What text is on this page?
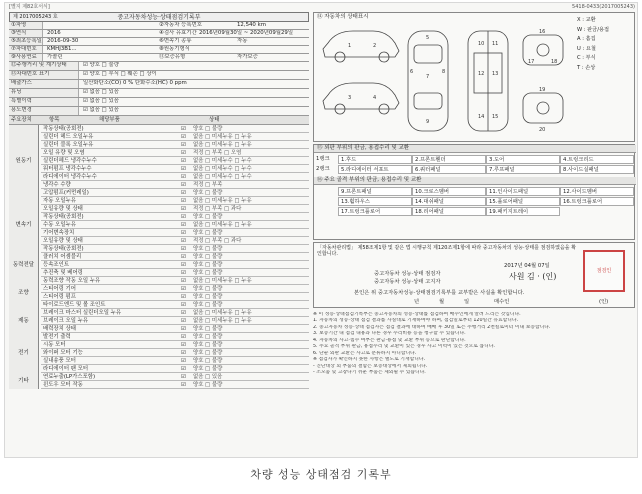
[별지 제82호서식]	5418-0433(2017005243)
제 2017005243 호	중고자동차성능·상태점검기록부
①차명	②자동차 등록번호	12,540 km
③연식	2016	④검사 유효기간 2016년09월30일 ~ 2020년09월29일
⑤최초등록일 2016-09-30	⑥변속기 종류	자동
⑦차대번호	KMHJ3B1...	⑧원동기형식
⑨사용연료	가솔린	⑪보증유형	자가보증
⑫주행거리 및 계기상태	☑ 양호 □ 불량
⑬차대번호 표기	☑ 양호 □ 부식 □ 훼손 □ 상이
배출가스	일산화탄소(CO) 0 % 탄화수소(HC) 0 ppm
튜닝	☑ 없음 □ 있음
특별이력	☑ 없음 □ 있음
용도변경	☑ 없음 □ 있음
주요장치	항목	해당부품	상태
원동기
작동상태(공회전)	☑ 양호 □ 불량
실린더 헤드 오일누유	☑ 없음 □ 미세누유 □ 누유
실린더 블록 오일누유	☑ 없음 □ 미세누유 □ 누유
오일 유량 및 오염	☑ 적정 □ 부족 □ 오염
실린더헤드 냉각수누수	☑ 없음 □ 미세누수 □ 누수
워터펌프 냉각수누수	☑ 없음 □ 미세누수 □ 누수
라디에이터 냉각수누수	☑ 없음 □ 미세누수 □ 누수
냉각수 수량	☑ 적정 □ 부족
고압펌프(커먼레일)	☑ 양호 □ 불량
변속기
자동 오일누유	☑ 없음 □ 미세누유 □ 누유
오일유량 및 상태	☑ 적정 □ 부족 □ 과다
작동상태(공회전)	☑ 양호 □ 불량
수동 오일누유	☑ 없음 □ 미세누유 □ 누유
기어변속장치	☑ 양호 □ 불량
오일유량 및 상태	☑ 적정 □ 부족 □ 과다
작동상태(공회전)	☑ 양호 □ 불량
동력전달
클러치 어셈블리	☑ 양호 □ 불량
등속조인트	☑ 양호 □ 불량
추진축 및 베어링	☑ 양호 □ 불량
조향
동력조향 작동 오일 누유	☑ 없음 □ 미세누유 □ 누유
스티어링 기어	☑ 양호 □ 불량
스티어링 펌프	☑ 양호 □ 불량
타이로드엔드 및 볼 조인트	☑ 양호 □ 불량
제동
브레이크 마스터 실린더오일 누유	☑ 없음 □ 미세누유 □ 누유
브레이크 오일 누유	☑ 없음 □ 미세누유 □ 누유
배력장치 상태	☑ 양호 □ 불량
전기
발전기 출력	☑ 양호 □ 불량
시동 모터	☑ 양호 □ 불량
와이퍼 모터 기능	☑ 양호 □ 불량
실내송풍 모터	☑ 양호 □ 불량
라디에이터 팬 모터	☑ 양호 □ 불량
기타
연료누출(LP가스포함)	☑ 없음 □ 있음
윈도우 모터 작동	☑ 양호 □ 불량
⑭ 자동차의 상태표시
1	2
3	4
5
6
7
8
9
10 11
12 13
14 15
16
17	18
19
20
X : 교환
W : 판금/용접
A : 흠집
U : 요철
C : 부식
T : 손상
⑮ 외판 부위의 판금, 용접수리 및 교환
1랭크	1.후드	2.프론트휀더	3.도어	4.트렁크리드
2랭크	5.라디에이터 서포트	6.쿼터패널	7.루프패널	8.사이드실패널
⑯ 주요 골격 부위의 판금, 용접수리 및 교환
9.프론트패널	10.크로스멤버	11.인사이드패널	12.사이드멤버
13.휠하우스	14.대쉬패널	15.플로어패널	16.트렁크플로어
17.트렁크플로어	18.리어패널	19.패키지트레이
「자동차관리법」 제58조제1항 및 같은 법 시행규칙 제120조제1항에 따라 중고자동차의 성능·상태를 점검하였음을 확인합니다.
2017년 04월 07일
중고자동차 성능·상태 점검자
중고자동차 성능·상태 고지자
사원 김 · (인)
본인은 위 중고자동차성능·상태점검기록부를 교부받은 사실을 확인합니다.
년	월	일	매수인	(인)
점검인
※ 이 성능·상태점검기록부는 중고자동차의 성능·상태를 점검하여 매수인에게 알려 드리는 것입니다.
1. 자동차의 성능·상태 점검 결과를 사실대로 기재하여야 하며, 점검일로부터 120일간 유효합니다.
2. 중고자동차 성능·상태 점검자는 점검 결과에 대하여 매매 후 30일 또는 주행거리 2천킬로미터 이내 보증합니다.
3. 보증기간 내 점검 내용과 다른 경우 수리비용 등을 청구할 수 있습니다.
4. 자동차의 사고·침수 여부는 판금·용접 및 교환 부위 등으로 판단합니다.
5. 주요 골격 부위 판금, 용접수리 및 교환이 있는 경우 사고 이력이 있는 것으로 봅니다.
6. 단순 외판 교환은 사고로 분류하지 아니합니다.
※ 점검자가 확인하지 못한 사항은 별도로 기재합니다.
- 진단대상 외 부품의 결함은 보증대상에서 제외됩니다.
- 소모품 및 고장나기 쉬운 부품은 제외될 수 있습니다.
차량 성능 상태점검 기록부
